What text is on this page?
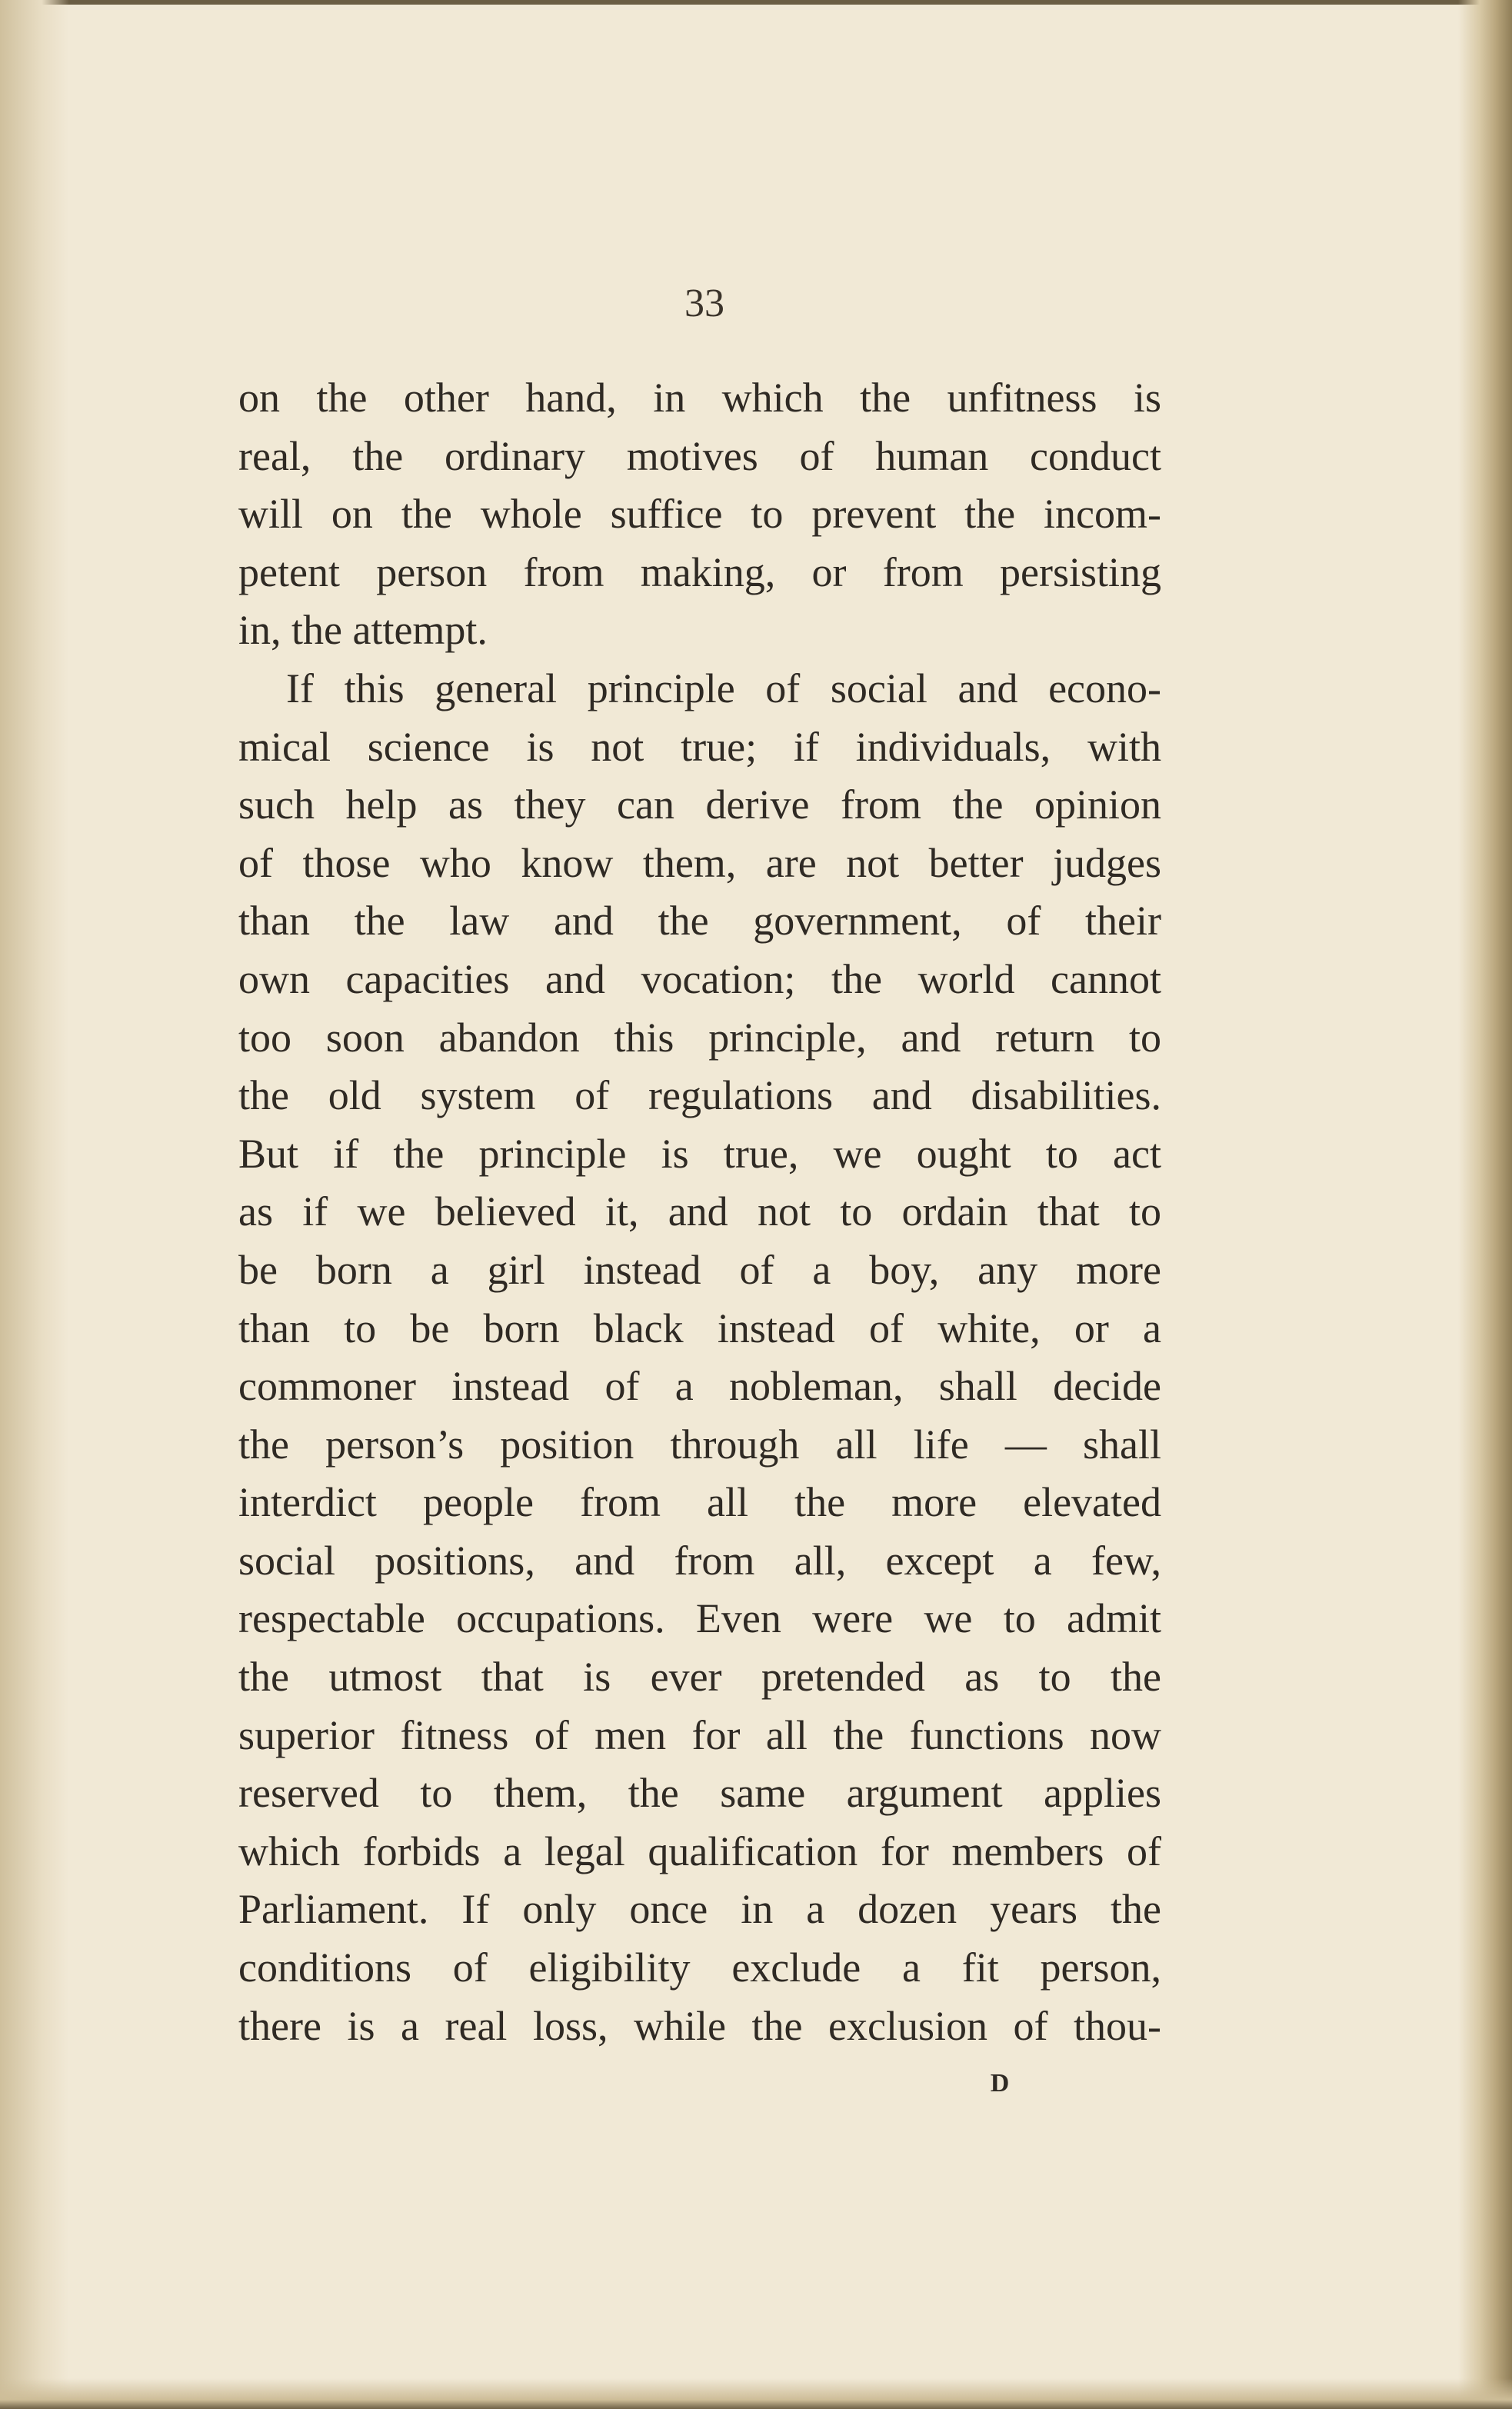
33
on the other hand, in which the unfitness is
real, the ordinary motives of human conduct
will on the whole suffice to prevent the incom-
petent person from making, or from persisting
in, the attempt.
If this general principle of social and econo-
mical science is not true; if individuals, with
such help as they can derive from the opinion
of those who know them, are not better judges
than the law and the government, of their
own capacities and vocation; the world cannot
too soon abandon this principle, and return to
the old system of regulations and disabilities.
But if the principle is true, we ought to act
as if we believed it, and not to ordain that to
be born a girl instead of a boy, any more
than to be born black instead of white, or a
commoner instead of a nobleman, shall decide
the person’s position through all life — shall
interdict people from all the more elevated
social positions, and from all, except a few,
respectable occupations. Even were we to admit
the utmost that is ever pretended as to the
superior fitness of men for all the functions now
reserved to them, the same argument applies
which forbids a legal qualification for members of
Parliament. If only once in a dozen years the
conditions of eligibility exclude a fit person,
there is a real loss, while the exclusion of thou-
D
